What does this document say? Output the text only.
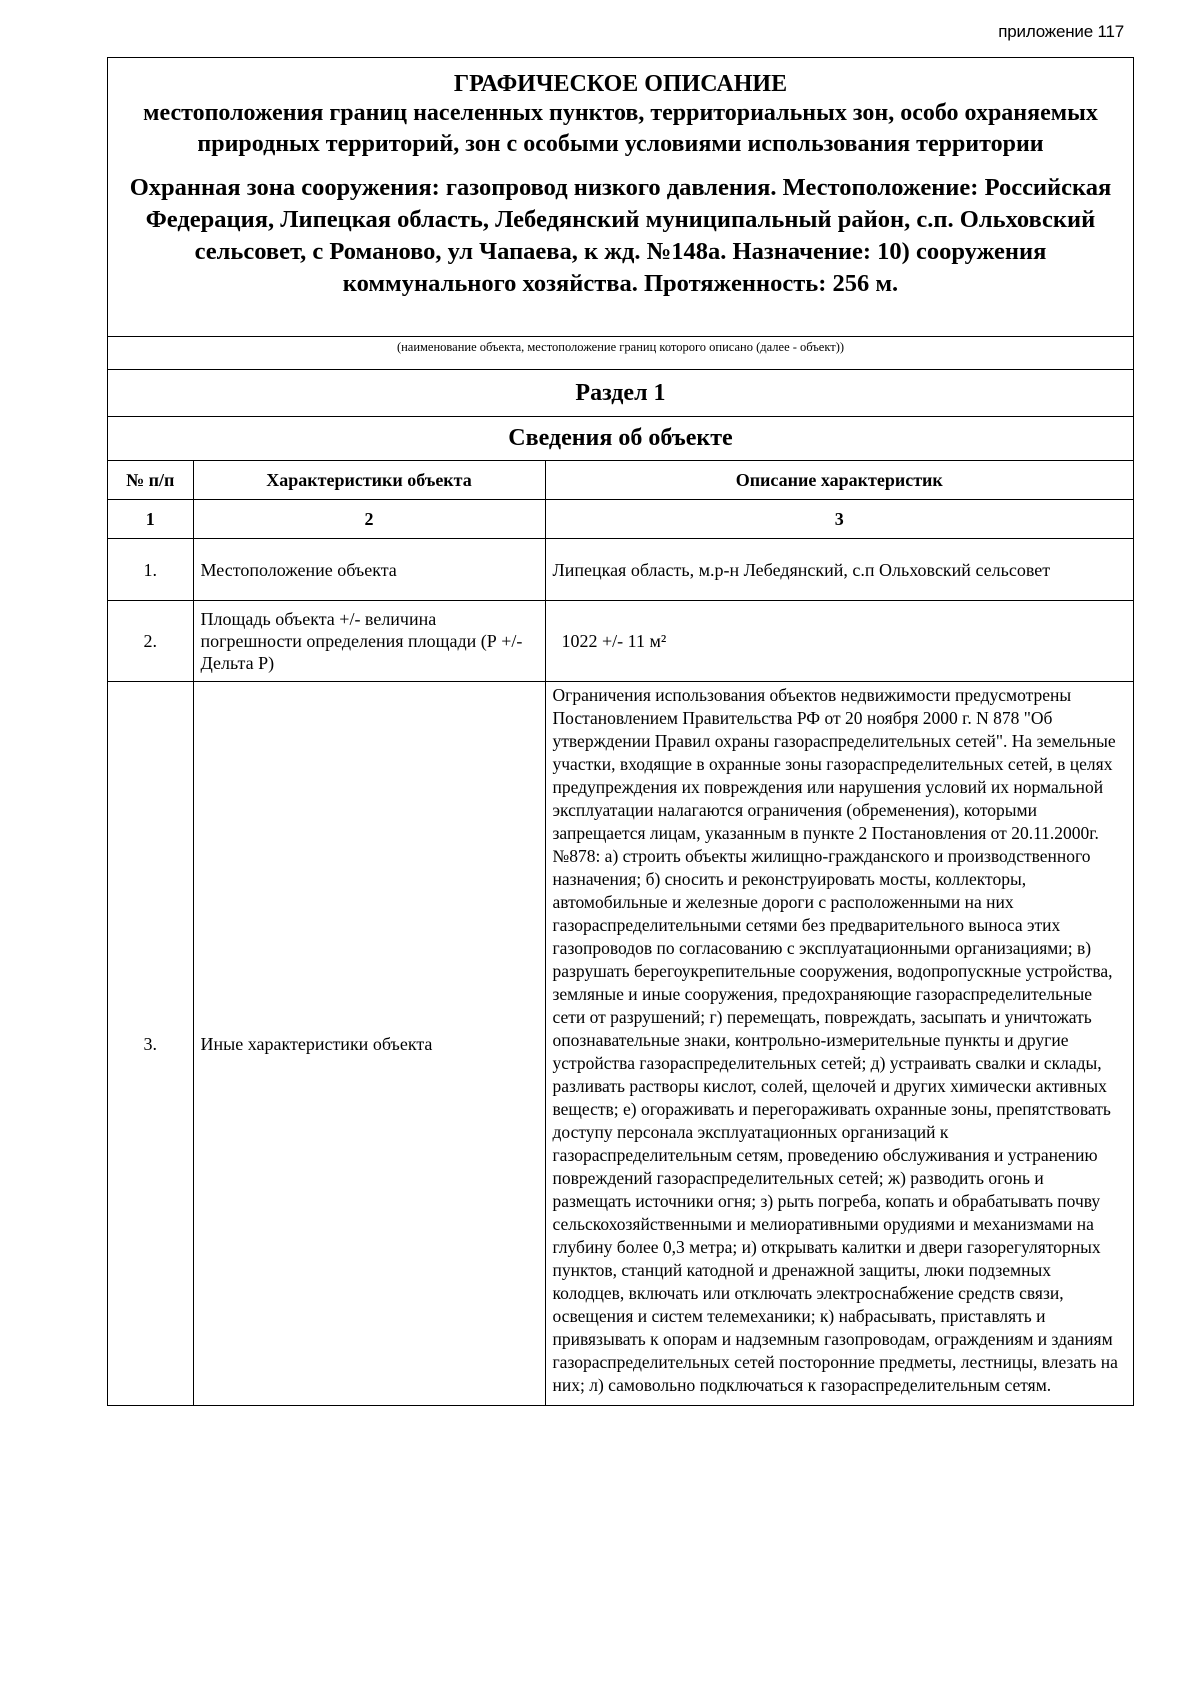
приложение 117
ГРАФИЧЕСКОЕ ОПИСАНИЕ
местоположения границ населенных пунктов, территориальных зон, особо охраняемых природных территорий, зон с особыми условиями использования территории
Охранная зона сооружения: газопровод низкого давления. Местоположение: Российская Федерация, Липецкая область, Лебедянский муниципальный район, с.п. Ольховский сельсовет, с Романово, ул Чапаева, к жд. №148а. Назначение: 10) сооружения коммунального хозяйства. Протяженность: 256 м.
(наименование объекта, местоположение границ которого описано (далее - объект))
Раздел 1
Сведения об объекте
№ п/п	Характеристики объекта	Описание характеристик
1	2	3
1.	Местоположение объекта	Липецкая область, м.р-н Лебедянский, с.п Ольховский сельсовет
2.	Площадь объекта +/- величина погрешности определения площади (Р +/- Дельта Р)	1022 +/- 11 м²
3.	Иные характеристики объекта	Ограничения использования объектов недвижимости предусмотрены Постановлением Правительства РФ от 20 ноября 2000 г. N 878 "Об утверждении Правил охраны газораспределительных сетей". На земельные участки, входящие в охранные зоны газораспределительных сетей, в целях предупреждения их повреждения или нарушения условий их нормальной эксплуатации налагаются ограничения (обременения), которыми запрещается лицам, указанным в пункте 2 Постановления от 20.11.2000г. №878: а) строить объекты жилищно-гражданского и производственного назначения; б) сносить и реконструировать мосты, коллекторы, автомобильные и железные дороги с расположенными на них газораспределительными сетями без предварительного выноса этих газопроводов по согласованию с эксплуатационными организациями; в) разрушать берегоукрепительные сооружения, водопропускные устройства, земляные и иные сооружения, предохраняющие газораспределительные сети от разрушений; г) перемещать, повреждать, засыпать и уничтожать опознавательные знаки, контрольно-измерительные пункты и другие устройства газораспределительных сетей; д) устраивать свалки и склады, разливать растворы кислот, солей, щелочей и других химически активных веществ; е) огораживать и перегораживать охранные зоны, препятствовать доступу персонала эксплуатационных организаций к газораспределительным сетям, проведению обслуживания и устранению повреждений газораспределительных сетей; ж) разводить огонь и размещать источники огня; з) рыть погреба, копать и обрабатывать почву сельскохозяйственными и мелиоративными орудиями и механизмами на глубину более 0,3 метра; и) открывать калитки и двери газорегуляторных пунктов, станций катодной и дренажной защиты, люки подземных колодцев, включать или отключать электроснабжение средств связи, освещения и систем телемеханики; к) набрасывать, приставлять и привязывать к опорам и надземным газопроводам, ограждениям и зданиям газораспределительных сетей посторонние предметы, лестницы, влезать на них; л) самовольно подключаться к газораспределительным сетям.
